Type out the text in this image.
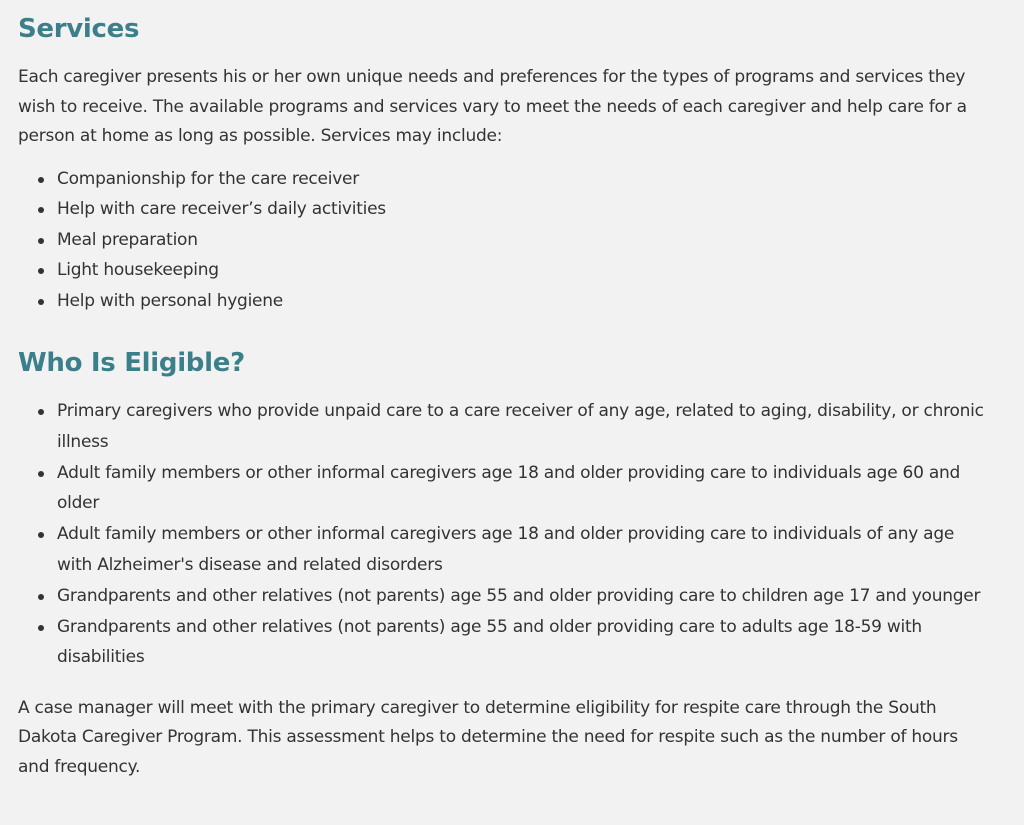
Services

Each caregiver presents his or her own unique needs and preferences for the types of programs and services they wish to receive. The available programs and services vary to meet the needs of each caregiver and help care for a person at home as long as possible. Services may include:

Companionship for the care receiver
Help with care receiver’s daily activities
Meal preparation
Light housekeeping
Help with personal hygiene
Who Is Eligible?
Primary caregivers who provide unpaid care to a care receiver of any age, related to aging, disability, or chronic illness
Adult family members or other informal caregivers age 18 and older providing care to individuals age 60 and older
Adult family members or other informal caregivers age 18 and older providing care to individuals of any age with Alzheimer's disease and related disorders
Grandparents and other relatives (not parents) age 55 and older providing care to children age 17 and younger
Grandparents and other relatives (not parents) age 55 and older providing care to adults age 18-59 with disabilities

A case manager will meet with the primary caregiver to determine eligibility for respite care through the South Dakota Caregiver Program. This assessment helps to determine the need for respite such as the number of hours and frequency.
